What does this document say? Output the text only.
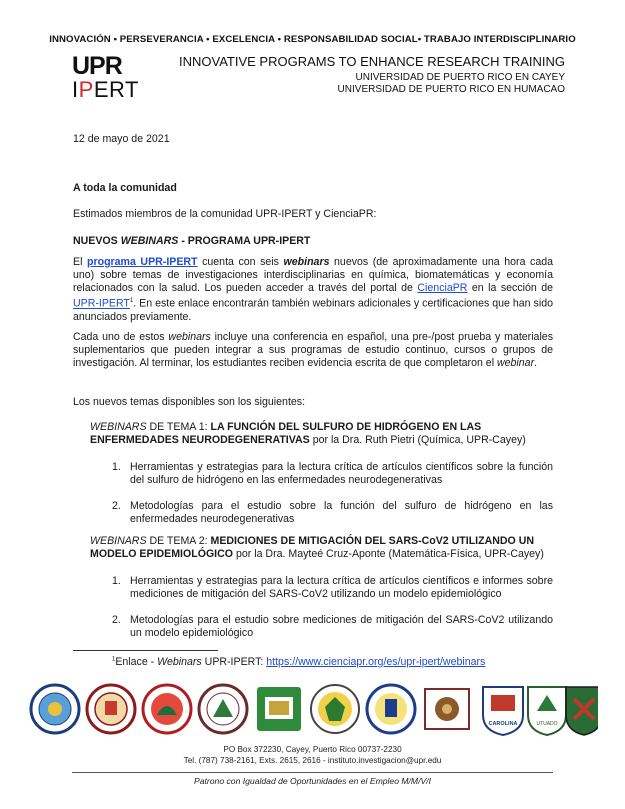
INNOVACIÓN • PERSEVERANCIA • EXCELENCIA • RESPONSABILIDAD SOCIAL• TRABAJO INTERDISCIPLINARIO
UPR
IPERT
INNOVATIVE PROGRAMS TO ENHANCE RESEARCH TRAINING
UNIVERSIDAD DE PUERTO RICO EN CAYEY
UNIVERSIDAD DE PUERTO RICO EN HUMACAO
12 de mayo de 2021
A toda la comunidad
Estimados miembros de la comunidad UPR-IPERT y CienciaPR:
NUEVOS WEBINARS - PROGRAMA UPR-IPERT
El programa UPR-IPERT cuenta con seis webinars nuevos (de aproximadamente una hora cada uno) sobre temas de investigaciones interdisciplinarias en química, biomatemáticas y economía relacionados con la salud. Los pueden acceder a través del portal de CienciaPR en la sección de UPR-IPERT$^1$. En este enlace encontrarán también webinars adicionales y certificaciones que han sido anunciados previamente.
Cada uno de estos webinars incluye una conferencia en español, una pre-/post prueba y materiales suplementarios que pueden integrar a sus programas de estudio continuo, cursos o grupos de investigación. Al terminar, los estudiantes reciben evidencia escrita de que completaron el webinar.
Los nuevos temas disponibles son los siguientes:
WEBINARS DE TEMA 1: LA FUNCIÓN DEL SULFURO DE HIDRÓGENO EN LAS ENFERMEDADES NEURODEGENERATIVAS por la Dra. Ruth Pietri (Química, UPR-Cayey)
1. Herramientas y estrategias para la lectura crítica de artículos científicos sobre la función del sulfuro de hidrógeno en las enfermedades neurodegenerativas
2. Metodologías para el estudio sobre la función del sulfuro de hidrógeno en las enfermedades neurodegenerativas
WEBINARS DE TEMA 2: MEDICIONES DE MITIGACIÓN DEL SARS-CoV2 UTILIZANDO UN MODELO EPIDEMIOLÓGICO por la Dra. Mayteé Cruz-Aponte (Matemática-Física, UPR-Cayey)
1. Herramientas y estrategias para la lectura crítica de artículos científicos e informes sobre mediciones de mitigación del SARS-CoV2 utilizando un modelo epidemiológico
2. Metodologías para el estudio sobre mediciones de mitigación del SARS-CoV2 utilizando un modelo epidemiológico
$^1$Enlace - Webinars UPR-IPERT: https://www.cienciapr.org/es/upr-ipert/webinars
CAROLINA	UTUADO
PO Box 372230, Cayey, Puerto Rico 00737-2230
Tel. (787) 738-2161, Exts. 2615, 2616 - instituto.investigacion@upr.edu
Patrono con Igualdad de Oportunidades en el Empleo M/M/V/I
